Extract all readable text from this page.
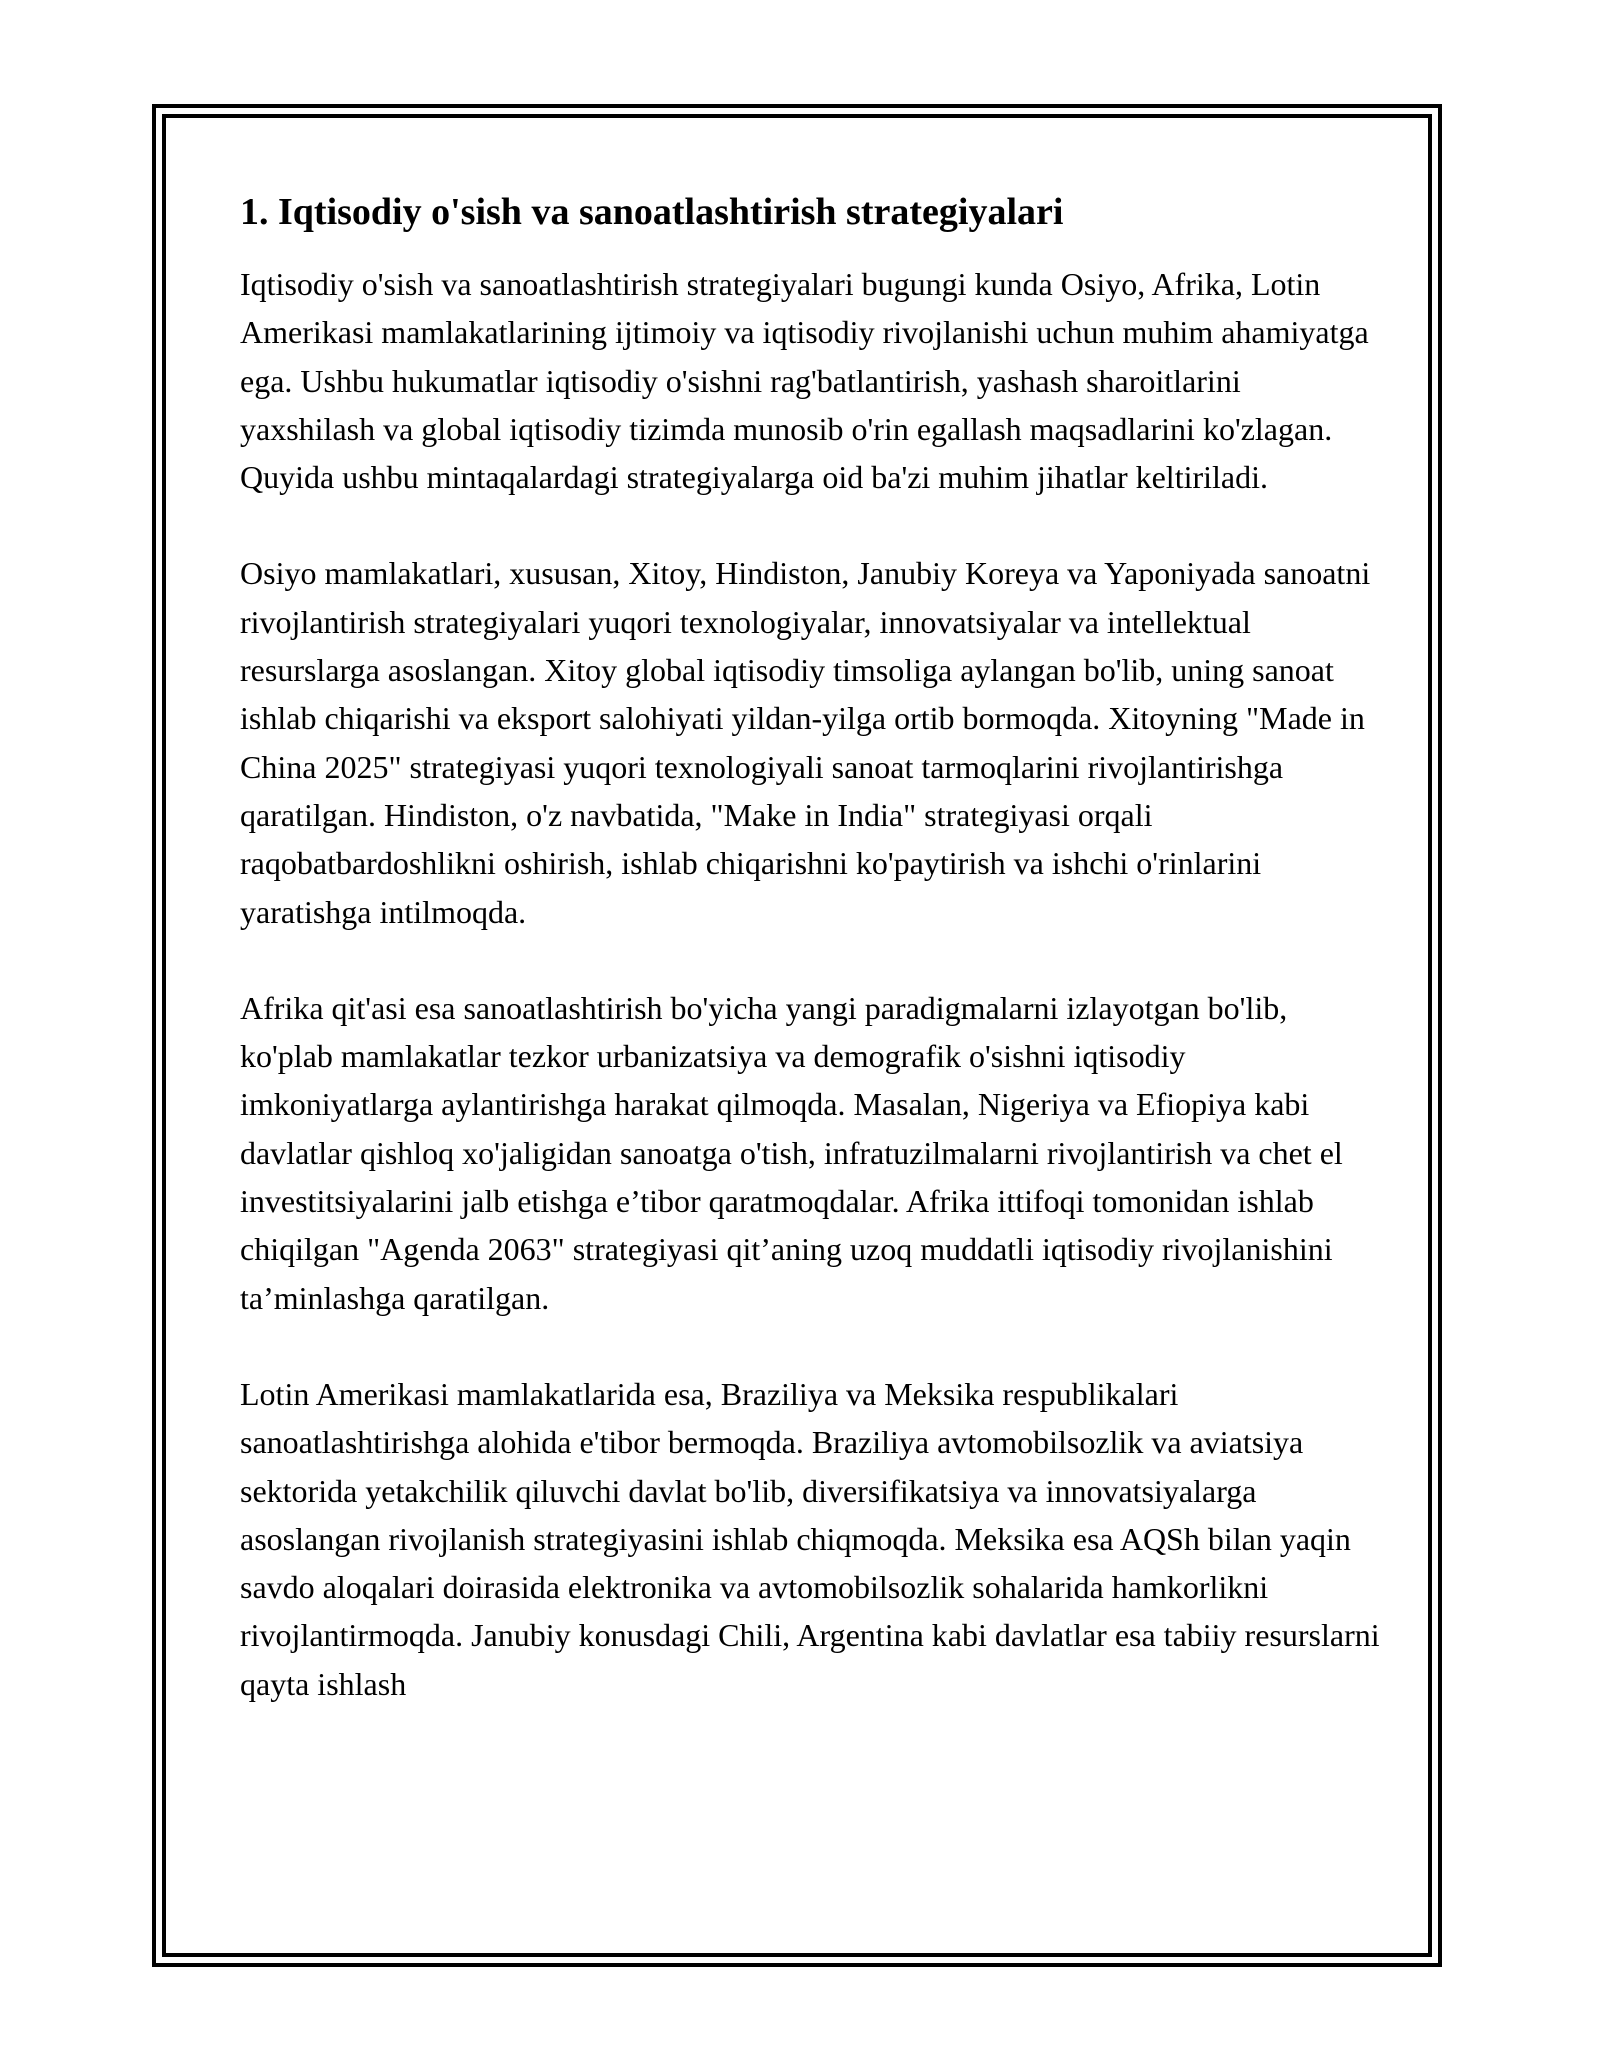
1. Iqtisodiy o'sish va sanoatlashtirish strategiyalari

Iqtisodiy o'sish va sanoatlashtirish strategiyalari bugungi kunda Osiyo, Afrika, Lotin Amerikasi mamlakatlarining ijtimoiy va iqtisodiy rivojlanishi uchun muhim ahamiyatga ega. Ushbu hukumatlar iqtisodiy o'sishni rag'batlantirish, yashash sharoitlarini yaxshilash va global iqtisodiy tizimda munosib o'rin egallash maqsadlarini ko'zlagan. Quyida ushbu mintaqalardagi strategiyalarga oid ba'zi muhim jihatlar keltiriladi.

Osiyo mamlakatlari, xususan, Xitoy, Hindiston, Janubiy Koreya va Yaponiyada sanoatni rivojlantirish strategiyalari yuqori texnologiyalar, innovatsiyalar va intellektual resurslarga asoslangan. Xitoy global iqtisodiy timsoliga aylangan bo'lib, uning sanoat ishlab chiqarishi va eksport salohiyati yildan-yilga ortib bormoqda. Xitoyning "Made in China 2025" strategiyasi yuqori texnologiyali sanoat tarmoqlarini rivojlantirishga qaratilgan. Hindiston, o'z navbatida, "Make in India" strategiyasi orqali raqobatbardoshlikni oshirish, ishlab chiqarishni ko'paytirish va ishchi o'rinlarini yaratishga intilmoqda.

Afrika qit'asi esa sanoatlashtirish bo'yicha yangi paradigmalarni izlayotgan bo'lib, ko'plab mamlakatlar tezkor urbanizatsiya va demografik o'sishni iqtisodiy imkoniyatlarga aylantirishga harakat qilmoqda. Masalan, Nigeriya va Efiopiya kabi davlatlar qishloq xo'jaligidan sanoatga o'tish, infratuzilmalarni rivojlantirish va chet el investitsiyalarini jalb etishga e’tibor qaratmoqdalar. Afrika ittifoqi tomonidan ishlab chiqilgan "Agenda 2063" strategiyasi qit’aning uzoq muddatli iqtisodiy rivojlanishini ta’minlashga qaratilgan.

Lotin Amerikasi mamlakatlarida esa, Braziliya va Meksika respublikalari sanoatlashtirishga alohida e'tibor bermoqda. Braziliya avtomobilsozlik va aviatsiya sektorida yetakchilik qiluvchi davlat bo'lib, diversifikatsiya va innovatsiyalarga asoslangan rivojlanish strategiyasini ishlab chiqmoqda. Meksika esa AQSh bilan yaqin savdo aloqalari doirasida elektronika va avtomobilsozlik sohalarida hamkorlikni rivojlantirmoqda. Janubiy konusdagi Chili, Argentina kabi davlatlar esa tabiiy resurslarni qayta ishlash
